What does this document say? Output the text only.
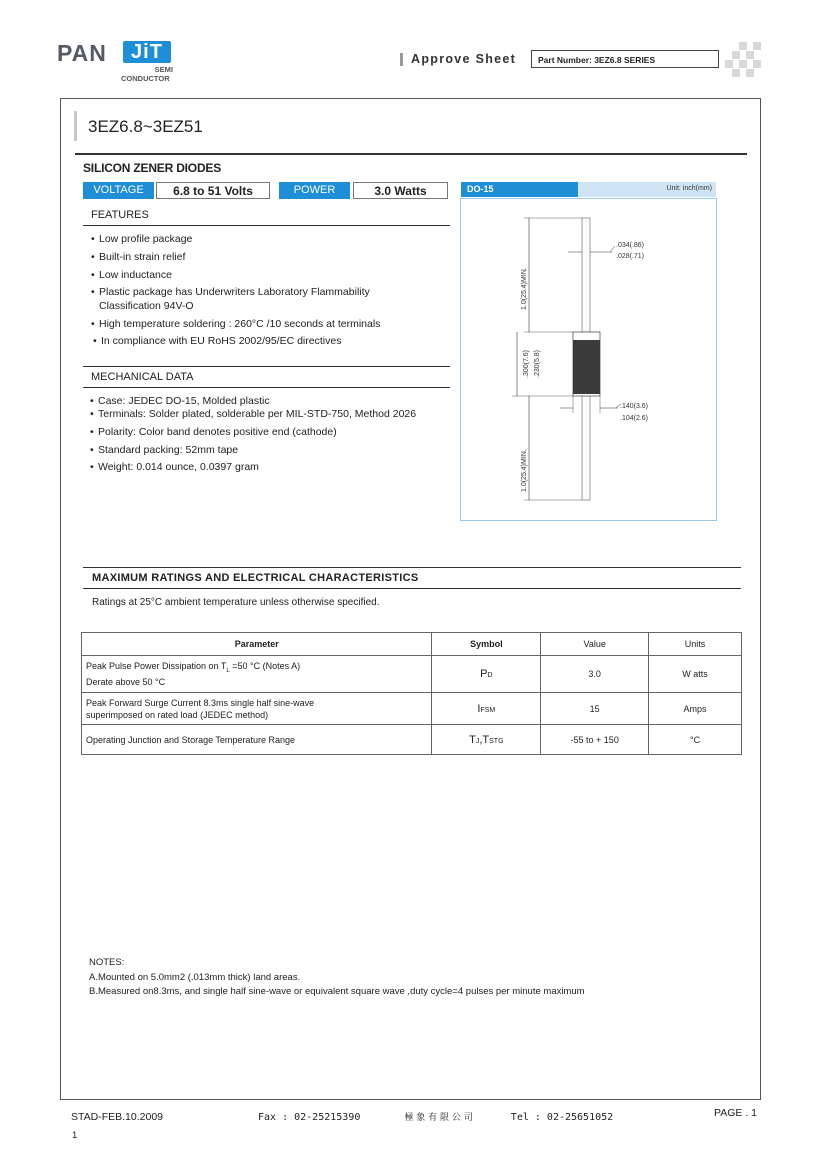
PAN	JiT
SEMI
CONDUCTOR
Approve Sheet	Part Number: 3EZ6.8 SERIES
3EZ6.8~3EZ51
SILICON ZENER DIODES
VOLTAGE	6.8 to 51 Volts	POWER	3.0 Watts
FEATURES
• Low profile package
• Built-in strain relief
• Low inductance
• Plastic package has Underwriters Laboratory Flammability
Classification 94V-O
• High temperature soldering : 260°C /10 seconds at terminals
• In compliance with EU RoHS 2002/95/EC directives
MECHANICAL DATA
• Case: JEDEC DO-15, Molded plastic
• Terminals: Solder plated, solderable per MIL-STD-750, Method 2026
• Polarity: Color band denotes positive end (cathode)
• Standard packing: 52mm tape
• Weight: 0.014 ounce, 0.0397 gram
DO-15	Unit: inch(mm)
1.0(25.4)MIN.
.300(7.6) .230(5.8)
1.0(25.4)MIN.
.034(.86)
.028(.71)
.140(3.6)
.104(2.6)
MAXIMUM RATINGS AND ELECTRICAL CHARACTERISTICS
Ratings at 25°C ambient temperature unless otherwise specified.
Parameter	Symbol	Value	Units
Peak Pulse Power Dissipation on $T_L =50$ °C (Notes A)
Derate above 50 °C	PD	3.0	W atts
Peak Forward Surge Current 8.3ms single half sine-wave
superimposed on rated load (JEDEC method)	IFSM	15	Amps
Operating Junction and Storage Temperature Range	TJ,TSTG	-55 to + 150	°C
NOTES:
A.Mounted on 5.0mm2 (.013mm thick) land areas.
B.Measured on8.3ms, and single half sine-wave or equivalent square wave ,duty cycle=4 pulses per minute maximum
STAD-FEB.10.2009	Fax : 02-25215390	極 象 有 限 公 司	Tel : 02-25651052	PAGE . 1
1
